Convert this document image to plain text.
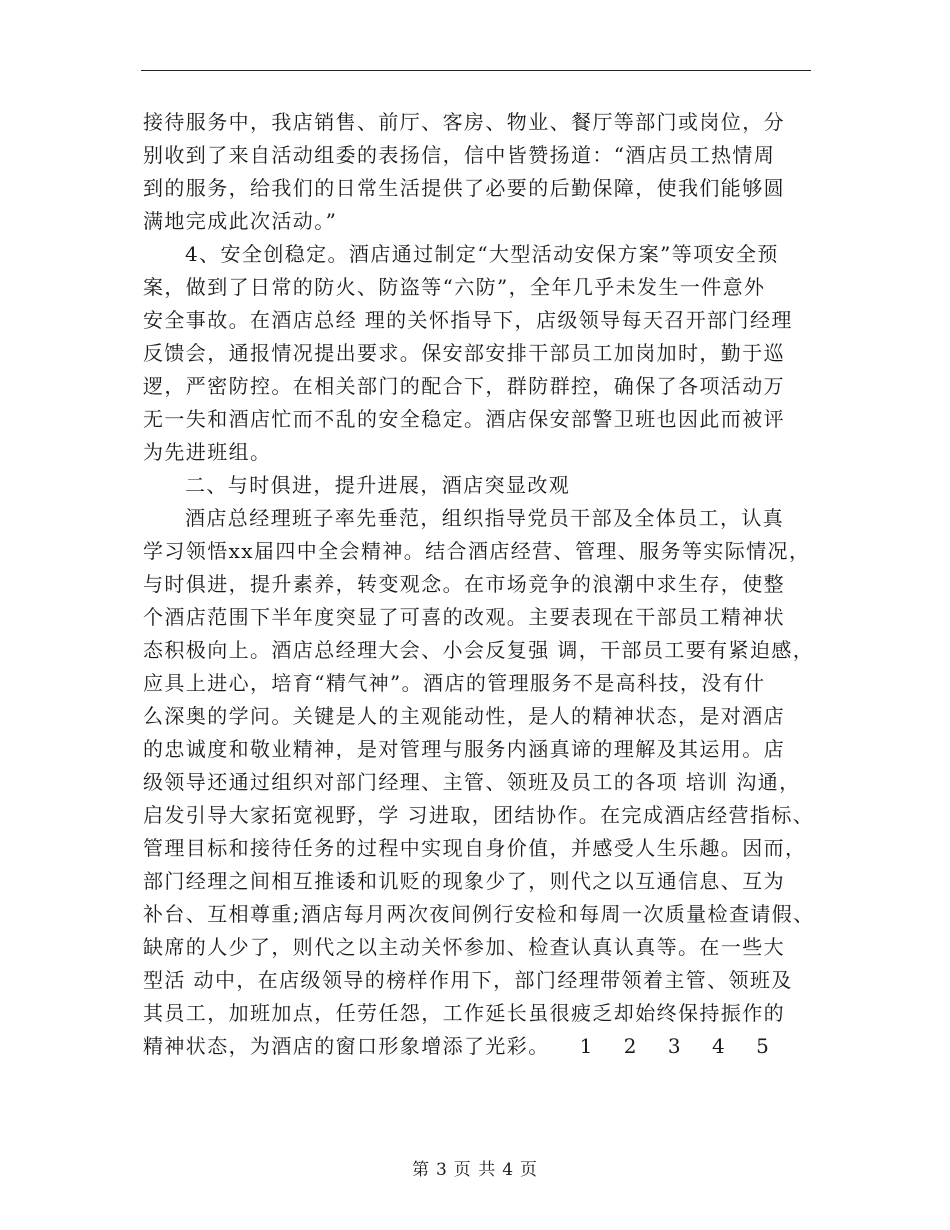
接待服务中，我店销售、前厅、客房、物业、餐厅等部门或岗位，分
别收到了来自活动组委的表扬信，信中皆赞扬道：“酒店员工热情周
到的服务，给我们的日常生活提供了必要的后勤保障，使我们能够圆
满地完成此次活动。”
4、安全创稳定。酒店通过制定“大型活动安保方案”等项安全预
案，做到了日常的防火、防盗等“六防”，全年几乎未发生一件意外
安全事故。在酒店总经 理的关怀指导下，店级领导每天召开部门经理
反馈会，通报情况提出要求。保安部安排干部员工加岗加时，勤于巡
逻，严密防控。在相关部门的配合下，群防群控，确保了各项活动万
无一失和酒店忙而不乱的安全稳定。酒店保安部警卫班也因此而被评
为先进班组。
二、与时俱进，提升进展，酒店突显改观
酒店总经理班子率先垂范，组织指导党员干部及全体员工，认真
学习领悟xx届四中全会精神。结合酒店经营、管理、服务等实际情况，
与时俱进，提升素养，转变观念。在市场竞争的浪潮中求生存，使整
个酒店范围下半年度突显了可喜的改观。主要表现在干部员工精神状
态积极向上。酒店总经理大会、小会反复强 调，干部员工要有紧迫感，
应具上进心，培育“精气神”。酒店的管理服务不是高科技，没有什
么深奥的学问。关键是人的主观能动性，是人的精神状态，是对酒店
的忠诚度和敬业精神，是对管理与服务内涵真谛的理解及其运用。店
级领导还通过组织对部门经理、主管、领班及员工的各项 培训 沟通，
启发引导大家拓宽视野，学 习进取，团结协作。在完成酒店经营指标、
管理目标和接待任务的过程中实现自身价值，并感受人生乐趣。因而，
部门经理之间相互推诿和讥贬的现象少了，则代之以互通信息、互为
补台、互相尊重;酒店每月两次夜间例行安检和每周一次质量检查请假、
缺席的人少了，则代之以主动关怀参加、检查认真认真等。在一些大
型活 动中，在店级领导的榜样作用下，部门经理带领着主管、领班及
其员工，加班加点，任劳任怨，工作延长虽很疲乏却始终保持振作的
精神状态，为酒店的窗口形象增添了光彩。 1 2 3 4 5
第 3 页 共 4 页
